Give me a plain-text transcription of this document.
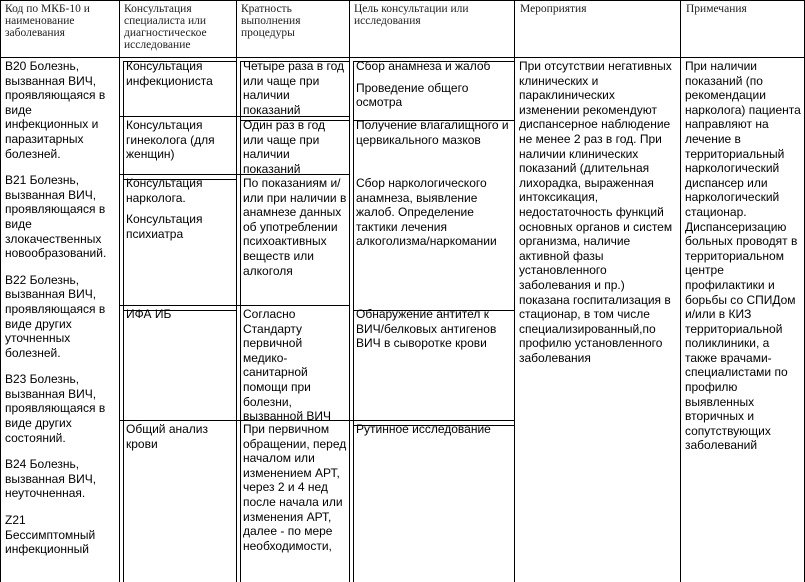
Код по МКБ-10 и наименование заболевания
Консультация специалиста или диагностическое исследование
Кратность выполнения процедуры
Цель консультации или исследования
Мероприятия	Примечания

B20 Болезнь, вызванная ВИЧ, проявляющаяся в виде инфекционных и паразитарных болезней.

B21 Болезнь, вызванная ВИЧ, проявляющаяся в виде злокачественных новообразований.

B22 Болезнь, вызванная ВИЧ, проявляющаяся в виде других уточненных болезней.

B23 Болезнь, вызванная ВИЧ, проявляющаяся в виде других состояний.

B24 Болезнь, вызванная ВИЧ, неуточненная.

Z21 Бессимптомный инфекционный

Консультация инфекциониста

Консультация гинеколога (для женщин)

Консультация нарколога.

Консультация психиатра

ИФА ИБ

Общий анализ крови

Четыре раза в год или чаще при наличии показаний
Один раз в год или чаще при наличии показаний
По показаниям и/или при наличии в анамнезе данных об употреблении психоактивных веществ или алкоголя
Согласно Стандарту первичной медико-санитарной помощи при болезни, вызванной ВИЧ
При первичном обращении, перед началом или изменением АРТ, через 2 и 4 нед после начала или изменения АРТ, далее - по мере необходимости,

Сбор анамнеза и жалоб

Проведение общего осмотра

Получение влагалищного и цервикального мазков

Сбор наркологического анамнеза, выявление жалоб. Определение тактики лечения алкоголизма/наркомании

Обнаружение антител к ВИЧ/белковых антигенов ВИЧ в сыворотке крови

Рутинное исследование

При отсутствии негативных клинических и параклинических изменении рекомендуют диспансерное наблюдение не менее 2 раз в год. При наличии клинических показаний (длительная лихорадка, выраженная интоксикация, недостаточность функций основных органов и систем организма, наличие активной фазы установленного заболевания и пр.) показана госпитализация в стационар, в том числе специализированный,по профилю установленного заболевания
При наличии показаний (по рекомендации нарколога) пациента направляют на лечение в территориальный наркологический диспансер или наркологический стационар. Диспансеризацию больных проводят в территориальном центре профилактики и борьбы со СПИДом и/или в КИЗ территориальной поликлиники, а также врачами-специалистами по профилю выявленных вторичных и сопутствующих заболеваний
